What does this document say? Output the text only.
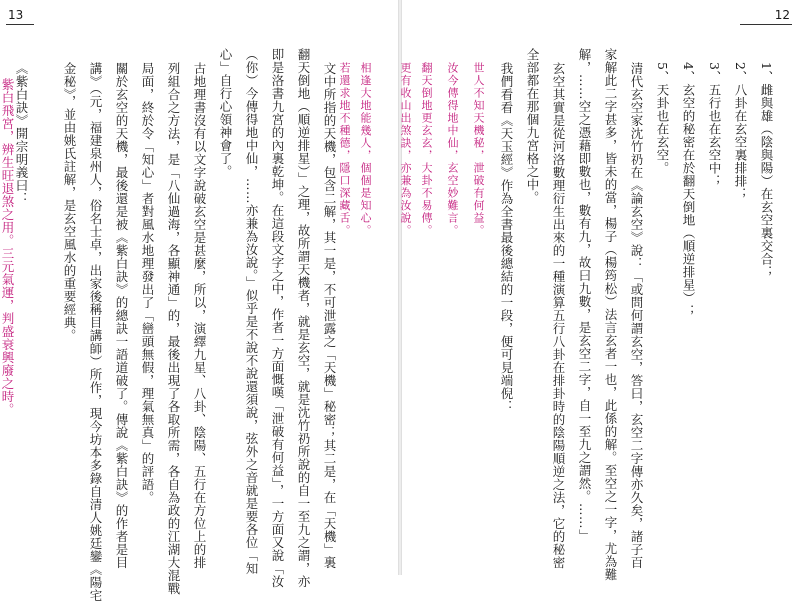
13	12
《紫白訣》開宗明義曰：
紫白飛宮，辨生旺退煞之用。三元氣運，判盛衰興廢之時。	金秘》，並由姚氏註解，是玄空風水的重要經典。 講》（元，福建泉州人，俗名士卓，出家後稱目講師）所作，現今坊本多錄自清人姚廷鑾《陽宅 關於玄空的天機，最後還是被《紫白訣》的總訣一語道破了。傳說《紫白訣》的作者是目 局面，終於令「知心」者對風水地理發出了「巒頭無假，理氣無真」的評語。 列組合之方法，是「八仙過海，各顯神通」的，最後出現了各取所需，各自為政的江湖大混戰 古地理書沒有以文字說破玄空是甚麼，所以，演繹九星、八卦、陰陽、五行在方位上的排 心」自行心領神會了。 （你）今傳得地中仙，……亦兼為汝說。」似乎是不說不說還須說，弦外之音就是要各位「知 即是洛書九宮的內裏乾坤。在這段文字之中，作者一方面慨嘆「泄破有何益」，一方面又說「汝 翻天倒地（順逆排星）」之理，故所謂天機者，就是玄空，就是沈竹礽所說的自一至九之謂，亦 文中所指的天機，包含二解，其一是，不可泄露之「天機」秘密；其二是，在「天機」裏 若還求地不種德，隱口深藏舌。 相逢大地能幾人，個個是知心。	1、雌與雄（陰與陽）在玄空裏交合；
2、八卦在玄空裏排排；
3、五行也在玄空中；
4、玄空的秘密在於翻天倒地（順逆排星）；
5、天卦也在玄空。
清代玄空家沈竹礽在《論玄空》說：「或問何謂玄空，答曰，玄空二字傳亦久矣，諸子百
家解此二字甚多，皆未的當，楊子（楊筠松）法言玄者一也，此係的解。至空之一字，尤為難
解，……空之憑藉即數也，數有九，故曰九數，是玄空二字，自一至九之謂然。……」
玄空其實是從河洛數理衍生出來的一種演算五行八卦在排卦時的陰陽順逆之法，它的秘密
全部都在那個九宮格之中。
我們看看《天玉經》作為全書最後總結的一段，便可見端倪：
世人不知天機秘，泄破有何益。
汝今傳得地中仙，玄空妙難言。
翻天倒地更玄玄，大卦不易傳。
更有收山出煞訣，亦兼為汝說。
